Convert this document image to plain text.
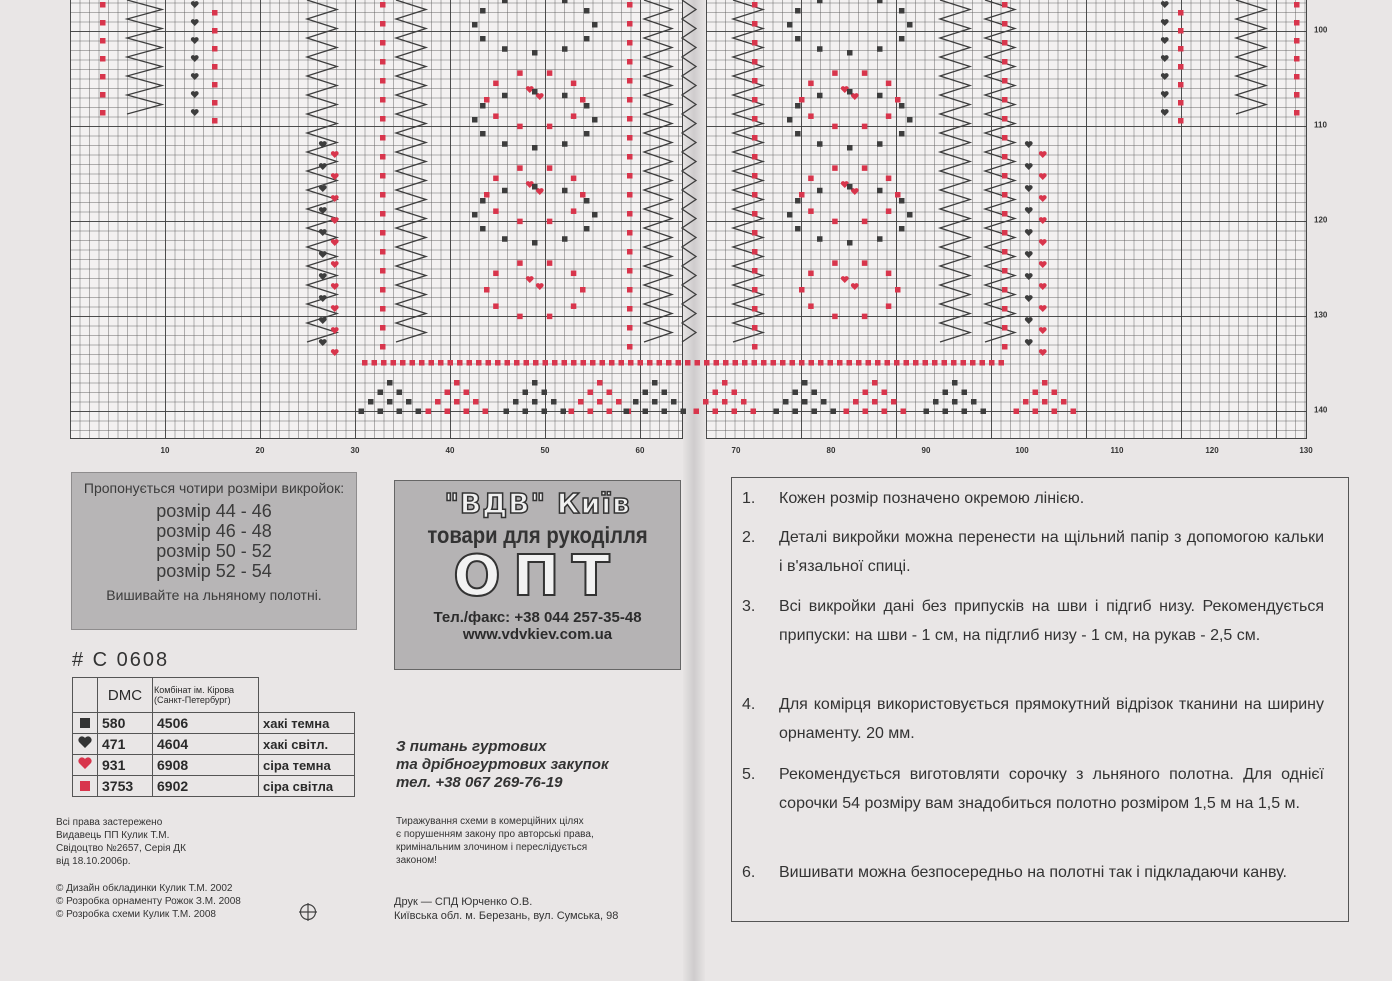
10	20	30	40	50	60	70	80	90	100	110	120	130
100
110
120
130
140
Пропонується чотири розміри викройок:
розмір 44 - 46
розмір 46 - 48
розмір 50 - 52
розмір 52 - 54
Вишивайте на льняному полотні.
# С 0608
	DMC	Комбінат ім. Кірова (Санкт-Петербург)	
	580	4506	хакі темна
	471	4604	хакі світл.
	931	6908	сіра темна
	3753	6902	сіра світла
Всі права застережено
Видавець ПП Кулик Т.М.
Свідоцтво №2657, Серія ДК
від 18.10.2006р.
© Дизайн обкладинки Кулик Т.М. 2002
© Розробка орнаменту Рожок З.М. 2008
© Розробка схеми Кулик Т.М. 2008
"ВДВ" Київ
товари для рукоділля
ОПТ
Тел./факс: +38 044 257-35-48
www.vdvkiev.com.ua
З питань гуртових
та дрібногуртових закупок
тел. +38 067 269-76-19
Тиражування схеми в комерційних цілях
є порушенням закону про авторські права,
кримінальним злочином і переслідується
законом!
Друк — СПД Юрченко О.В.
Київська обл. м. Березань, вул. Сумська, 98
1. Кожен розмір позначено окремою лінією.
2. Деталі викройки можна перенести на щільний папір з допомогою кальки і в'язальної спиці.
3. Всі викройки дані без припусків на шви і підгиб низу. Рекомендується припуски: на шви - 1 см, на підглиб низу - 1 см, на рукав - 2,5 см.
4. Для комірця використовується прямокутний відрізок тканини на ширину орнаменту. 20 мм.
5. Рекомендується виготовляти сорочку з льняного полотна. Для однієї сорочки 54 розміру вам знадобиться полотно розміром 1,5 м на 1,5 м.
6. Вишивати можна безпосередньо на полотні так і підкладаючи канву.
